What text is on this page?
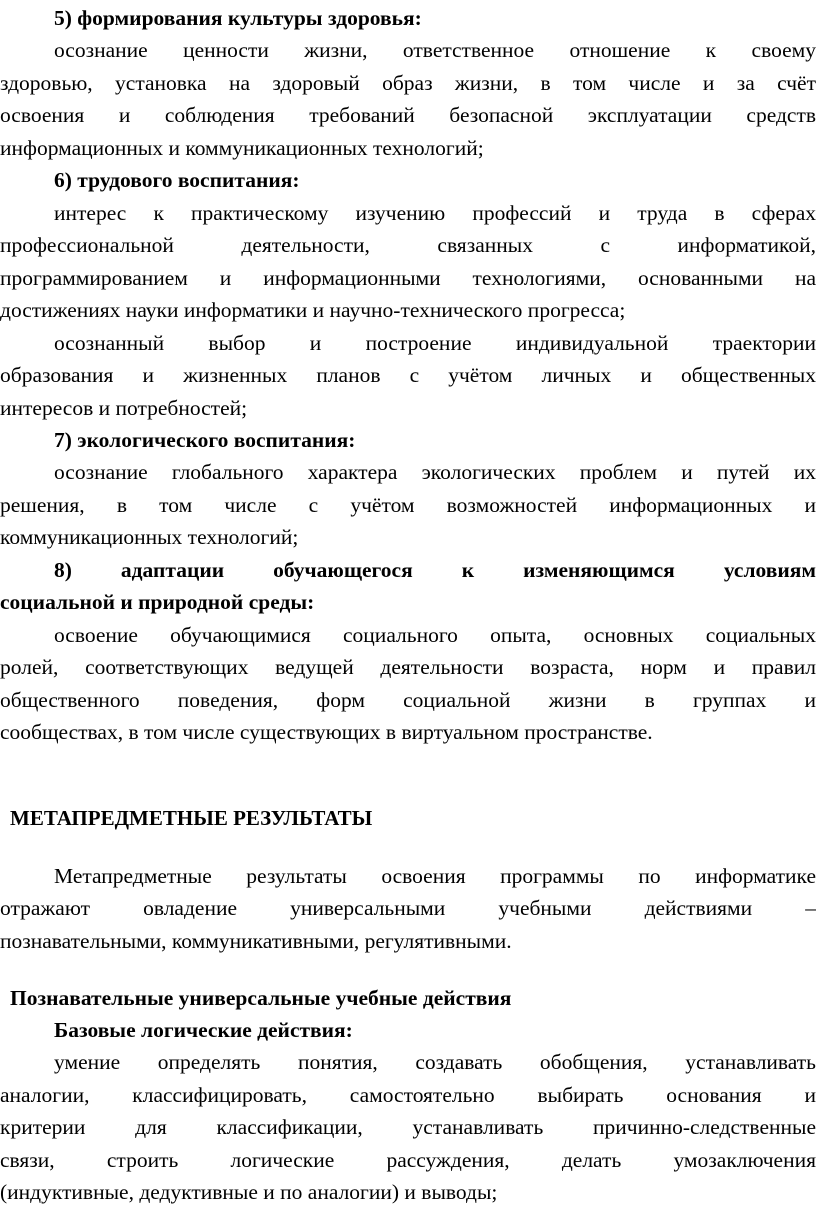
5) формирования культуры здоровья:

осознание ценности жизни, ответственное отношение к своему

здоровью, установка на здоровый образ жизни, в том числе и за счёт

освоения и соблюдения требований безопасной эксплуатации средств

информационных и коммуникационных технологий;

6) трудового воспитания:

интерес к практическому изучению профессий и труда в сферах

профессиональной деятельности, связанных с информатикой,

программированием и информационными технологиями, основанными на

достижениях науки информатики и научно-технического прогресса;

осознанный выбор и построение индивидуальной траектории

образования и жизненных планов с учётом личных и общественных

интересов и потребностей;

7) экологического воспитания:

осознание глобального характера экологических проблем и путей их

решения, в том числе с учётом возможностей информационных и

коммуникационных технологий;

8) адаптации обучающегося к изменяющимся условиям

социальной и природной среды:

освоение обучающимися социального опыта, основных социальных

ролей, соответствующих ведущей деятельности возраста, норм и правил

общественного поведения, форм социальной жизни в группах и

сообществах, в том числе существующих в виртуальном пространстве.

МЕТАПРЕДМЕТНЫЕ РЕЗУЛЬТАТЫ

Метапредметные результаты освоения программы по информатике

отражают овладение универсальными учебными действиями –

познавательными, коммуникативными, регулятивными.

Познавательные универсальные учебные действия

Базовые логические действия:

умение определять понятия, создавать обобщения, устанавливать

аналогии, классифицировать, самостоятельно выбирать основания и

критерии для классификации, устанавливать причинно-следственные

связи, строить логические рассуждения, делать умозаключения

(индуктивные, дедуктивные и по аналогии) и выводы;
